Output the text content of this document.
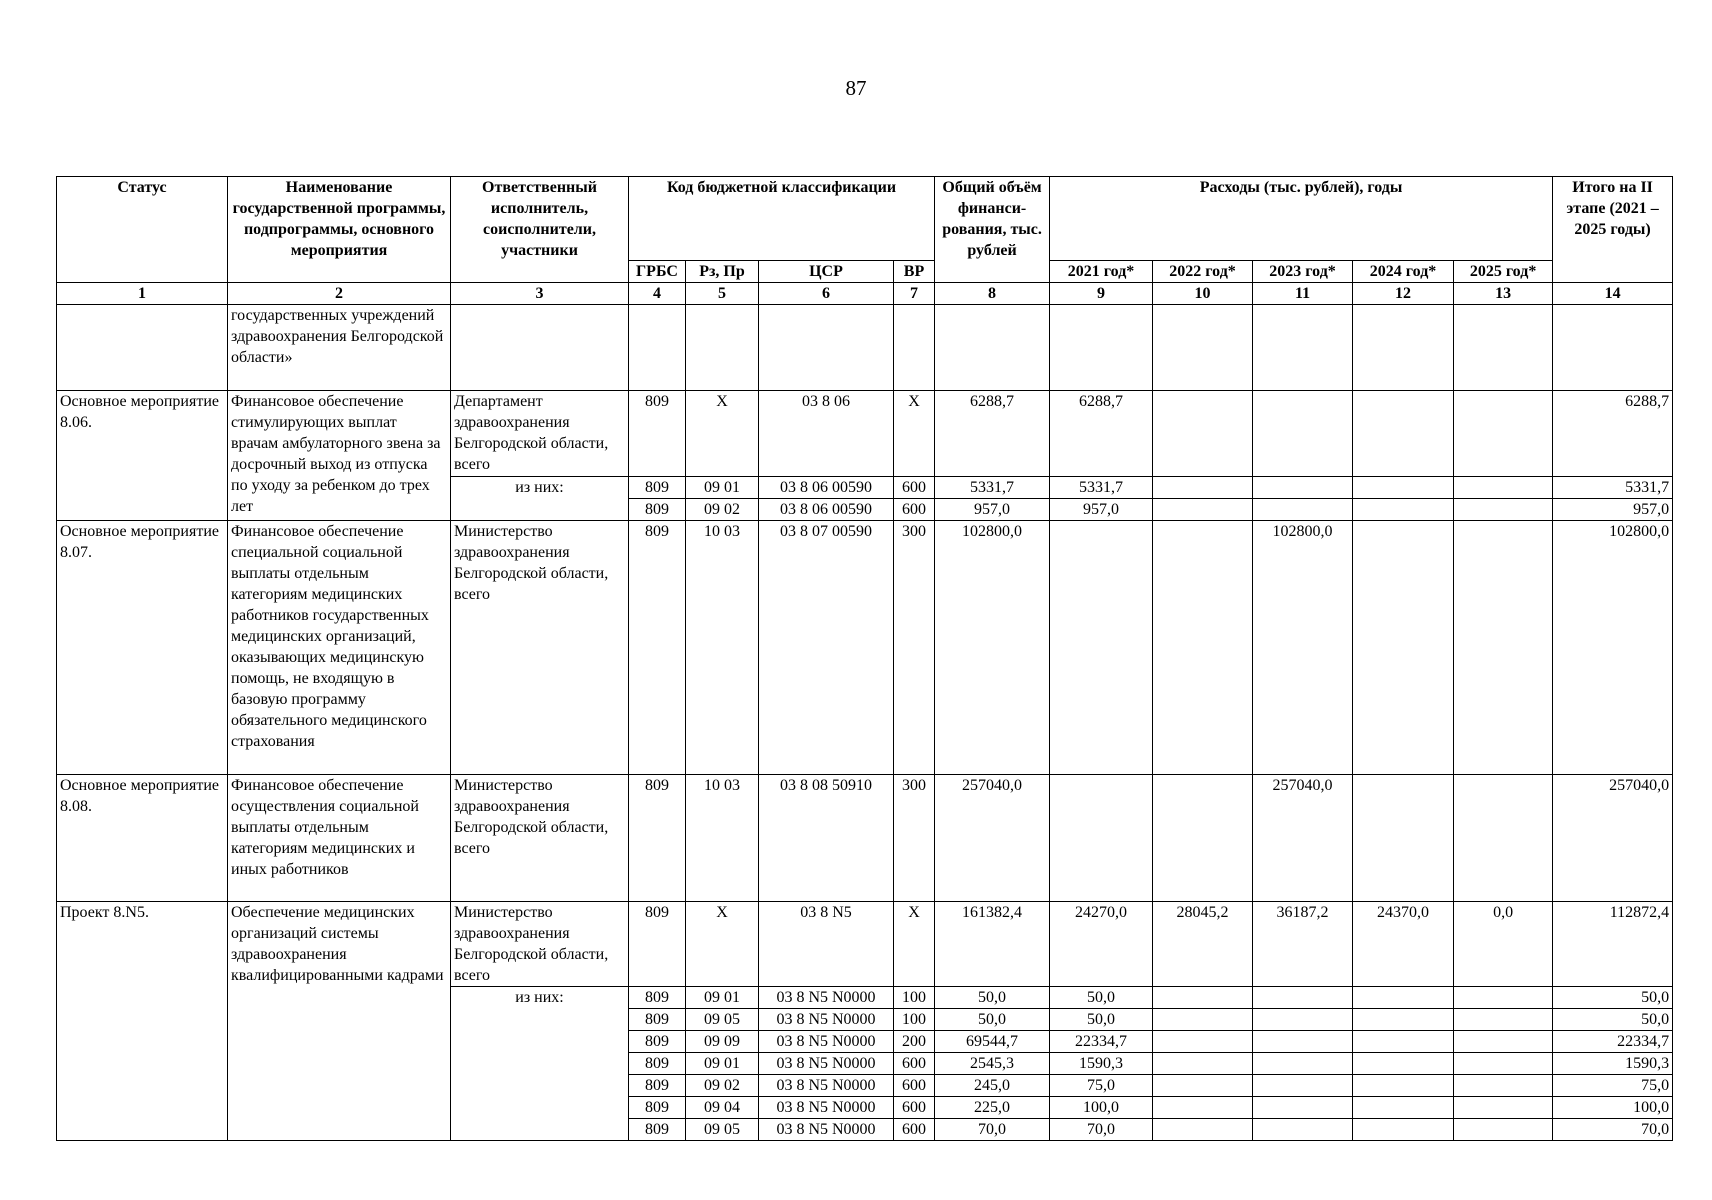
87
Статус	Наименование государственной программы, подпрограммы, основного мероприятия	Ответственный исполнитель, соисполнители, участники	Код бюджетной классификации				Общий объём финанси-рования, тыс. рублей	Расходы (тыс. рублей), годы					Итого на II этапе (2021 – 2025 годы)
			ГРБС	Рз, Пр	ЦСР	ВР		2021 год*	2022 год*	2023 год*	2024 год*	2025 год*	
1	2	3	4	5	6	7	8	9	10	11	12	13	14
	государственных учреждений здравоохранения Белгородской области»												
Основное мероприятие 8.06.	Финансовое обеспечение стимулирующих выплат врачам амбулаторного звена за досрочный выход из отпуска по уходу за ребенком до трех лет	Департамент здравоохранения Белгородской области, всего	809	Х	03 8 06	Х	6288,7	6288,7					6288,7
		из них:	809	09 01	03 8 06 00590	600	5331,7	5331,7					5331,7
			809	09 02	03 8 06 00590	600	957,0	957,0					957,0
Основное мероприятие 8.07.	Финансовое обеспечение специальной социальной выплаты отдельным категориям медицинских работников государственных медицинских организаций, оказывающих медицинскую помощь, не входящую в базовую программу обязательного медицинского страхования	Министерство здравоохранения Белгородской области, всего	809	10 03	03 8 07 00590	300	102800,0			102800,0			102800,0
Основное мероприятие 8.08.	Финансовое обеспечение осуществления социальной выплаты отдельным категориям медицинских и иных работников	Министерство здравоохранения Белгородской области, всего	809	10 03	03 8 08 50910	300	257040,0			257040,0			257040,0
Проект 8.N5.	Обеспечение медицинских организаций системы здравоохранения квалифицированными кадрами	Министерство здравоохранения Белгородской области, всего	809	Х	03 8 N5	Х	161382,4	24270,0	28045,2	36187,2	24370,0	0,0	112872,4
		из них:	809	09 01	03 8 N5 N0000	100	50,0	50,0					50,0
			809	09 05	03 8 N5 N0000	100	50,0	50,0					50,0
			809	09 09	03 8 N5 N0000	200	69544,7	22334,7					22334,7
			809	09 01	03 8 N5 N0000	600	2545,3	1590,3					1590,3
			809	09 02	03 8 N5 N0000	600	245,0	75,0					75,0
			809	09 04	03 8 N5 N0000	600	225,0	100,0					100,0
			809	09 05	03 8 N5 N0000	600	70,0	70,0					70,0
